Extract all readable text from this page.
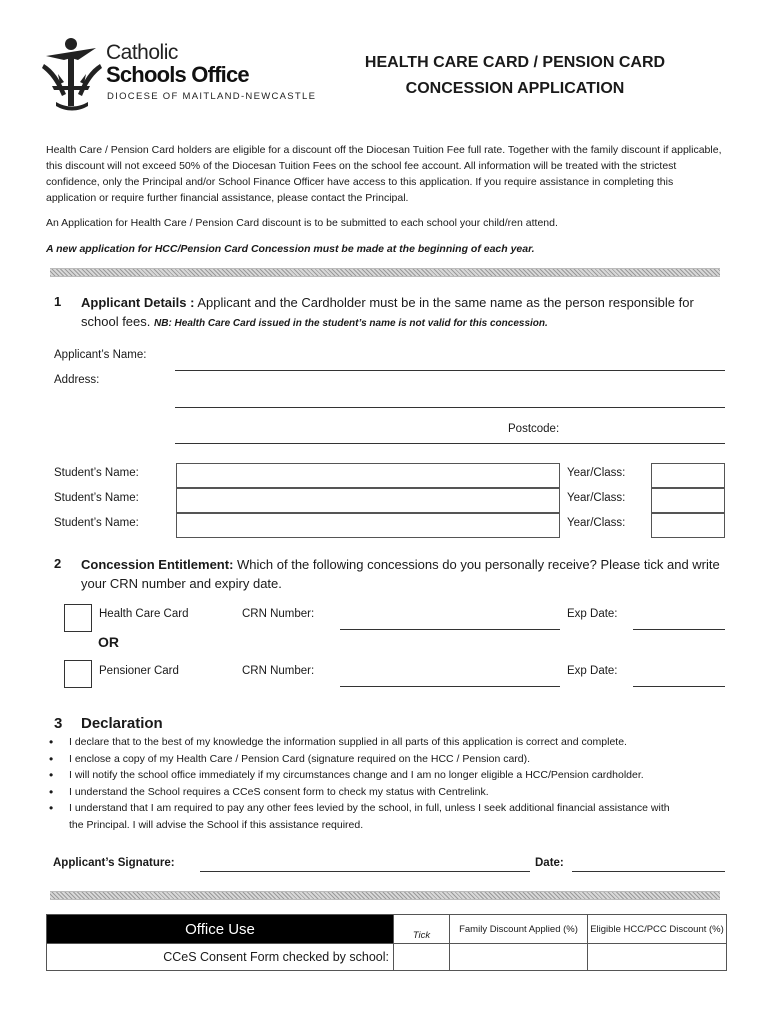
Catholic
Schools Office
DIOCESE OF MAITLAND-NEWCASTLE
HEALTH CARE CARD / PENSION CARD
CONCESSION APPLICATION
Health Care / Pension Card holders are eligible for a discount off the Diocesan Tuition Fee full rate. Together with the family discount if applicable, this discount will not exceed 50% of the Diocesan Tuition Fees on the school fee account. All information will be treated with the strictest confidence, only the Principal and/or School Finance Officer have access to this application. If you require assistance in completing this application or require further financial assistance, please contact the Principal.
An Application for Health Care / Pension Card discount is to be submitted to each school your child/ren attend.
A new application for HCC/Pension Card Concession must be made at the beginning of each year.
1 Applicant Details : Applicant and the Cardholder must be in the same name as the person responsible for school fees. NB: Health Care Card issued in the student’s name is not valid for this concession.
Applicant’s Name:
Address:
Postcode:
Student’s Name:	Year/Class:
Student’s Name:	Year/Class:
Student’s Name:	Year/Class:
2 Concession Entitlement: Which of the following concessions do you personally receive? Please tick and write your CRN number and expiry date.
Health Care Card	CRN Number:	Exp Date:
OR
Pensioner Card	CRN Number:	Exp Date:
3 Declaration
• I declare that to the best of my knowledge the information supplied in all parts of this application is correct and complete.
• I enclose a copy of my Health Care / Pension Card (signature required on the HCC / Pension card).
• I will notify the school office immediately if my circumstances change and I am no longer eligible a HCC/Pension cardholder.
• I understand the School requires a CCeS consent form to check my status with Centrelink.
• I understand that I am required to pay any other fees levied by the school, in full, unless I seek additional financial assistance with the Principal. I will advise the School if this assistance required.
Applicant’s Signature:	Date:
Office Use	Tick	Family Discount Applied (%)	Eligible HCC/PCC Discount (%)
CCeS Consent Form checked by school:			
